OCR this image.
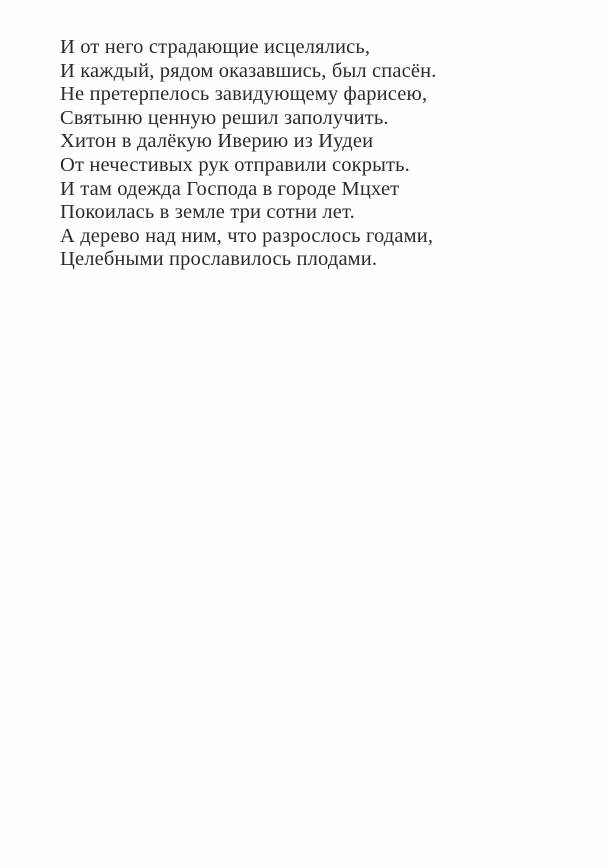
И от него страдающие исцелялись,
И каждый, рядом оказавшись, был спасён.
Не претерпелось завидующему фарисею,
Святыню ценную решил заполучить.
Хитон в далёкую Иверию из Иудеи
От нечестивых рук отправили сокрыть.
И там одежда Господа в городе Мцхет
Покоилась в земле три сотни лет.
А дерево над ним, что разрослось годами,
Целебными прославилось плодами.
